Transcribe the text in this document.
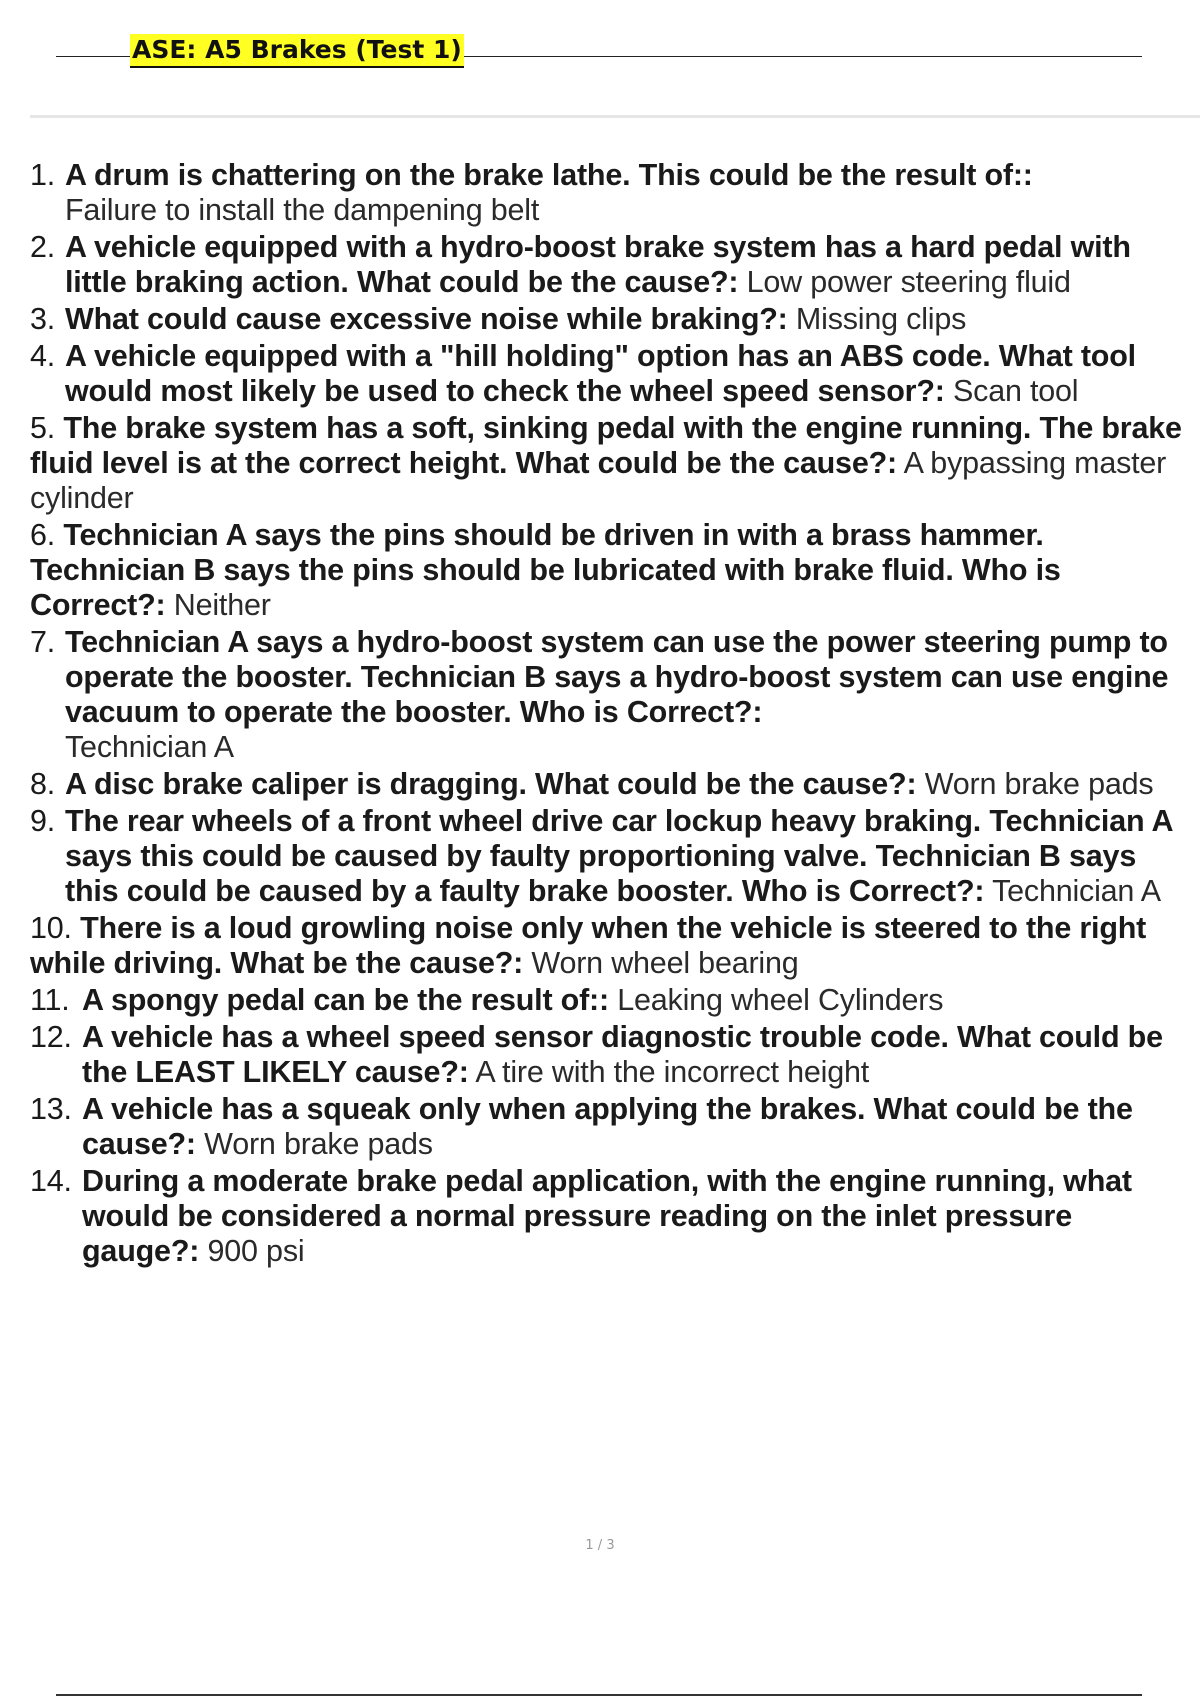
ASE: A5 Brakes (Test 1)
1. A drum is chattering on the brake lathe. This could be the result of::
Failure to install the dampening belt
2. A vehicle equipped with a hydro-boost brake system has a hard pedal with little braking action. What could be the cause?: Low power steering fluid
3. What could cause excessive noise while braking?: Missing clips
4. A vehicle equipped with a "hill holding" option has an ABS code. What tool would most likely be used to check the wheel speed sensor?: Scan tool
5. The brake system has a soft, sinking pedal with the engine running. The brake fluid level is at the correct height. What could be the cause?: A bypassing master cylinder
6. Technician A says the pins should be driven in with a brass hammer. Technician B says the pins should be lubricated with brake fluid. Who is Correct?: Neither
7. Technician A says a hydro-boost system can use the power steering pump to operate the booster. Technician B says a hydro-boost system can use engine vacuum to operate the booster. Who is Correct?:
Technician A
8. A disc brake caliper is dragging. What could be the cause?: Worn brake pads
9. The rear wheels of a front wheel drive car lockup heavy braking. Technician A says this could be caused by faulty proportioning valve. Technician B says this could be caused by a faulty brake booster. Who is Correct?: Technician A
10. There is a loud growling noise only when the vehicle is steered to the right while driving. What be the cause?: Worn wheel bearing
11. A spongy pedal can be the result of:: Leaking wheel Cylinders
12. A vehicle has a wheel speed sensor diagnostic trouble code. What could be the LEAST LIKELY cause?: A tire with the incorrect height
13. A vehicle has a squeak only when applying the brakes. What could be the cause?: Worn brake pads
14. During a moderate brake pedal application, with the engine running, what would be considered a normal pressure reading on the inlet pressure gauge?: 900 psi
1 / 3
